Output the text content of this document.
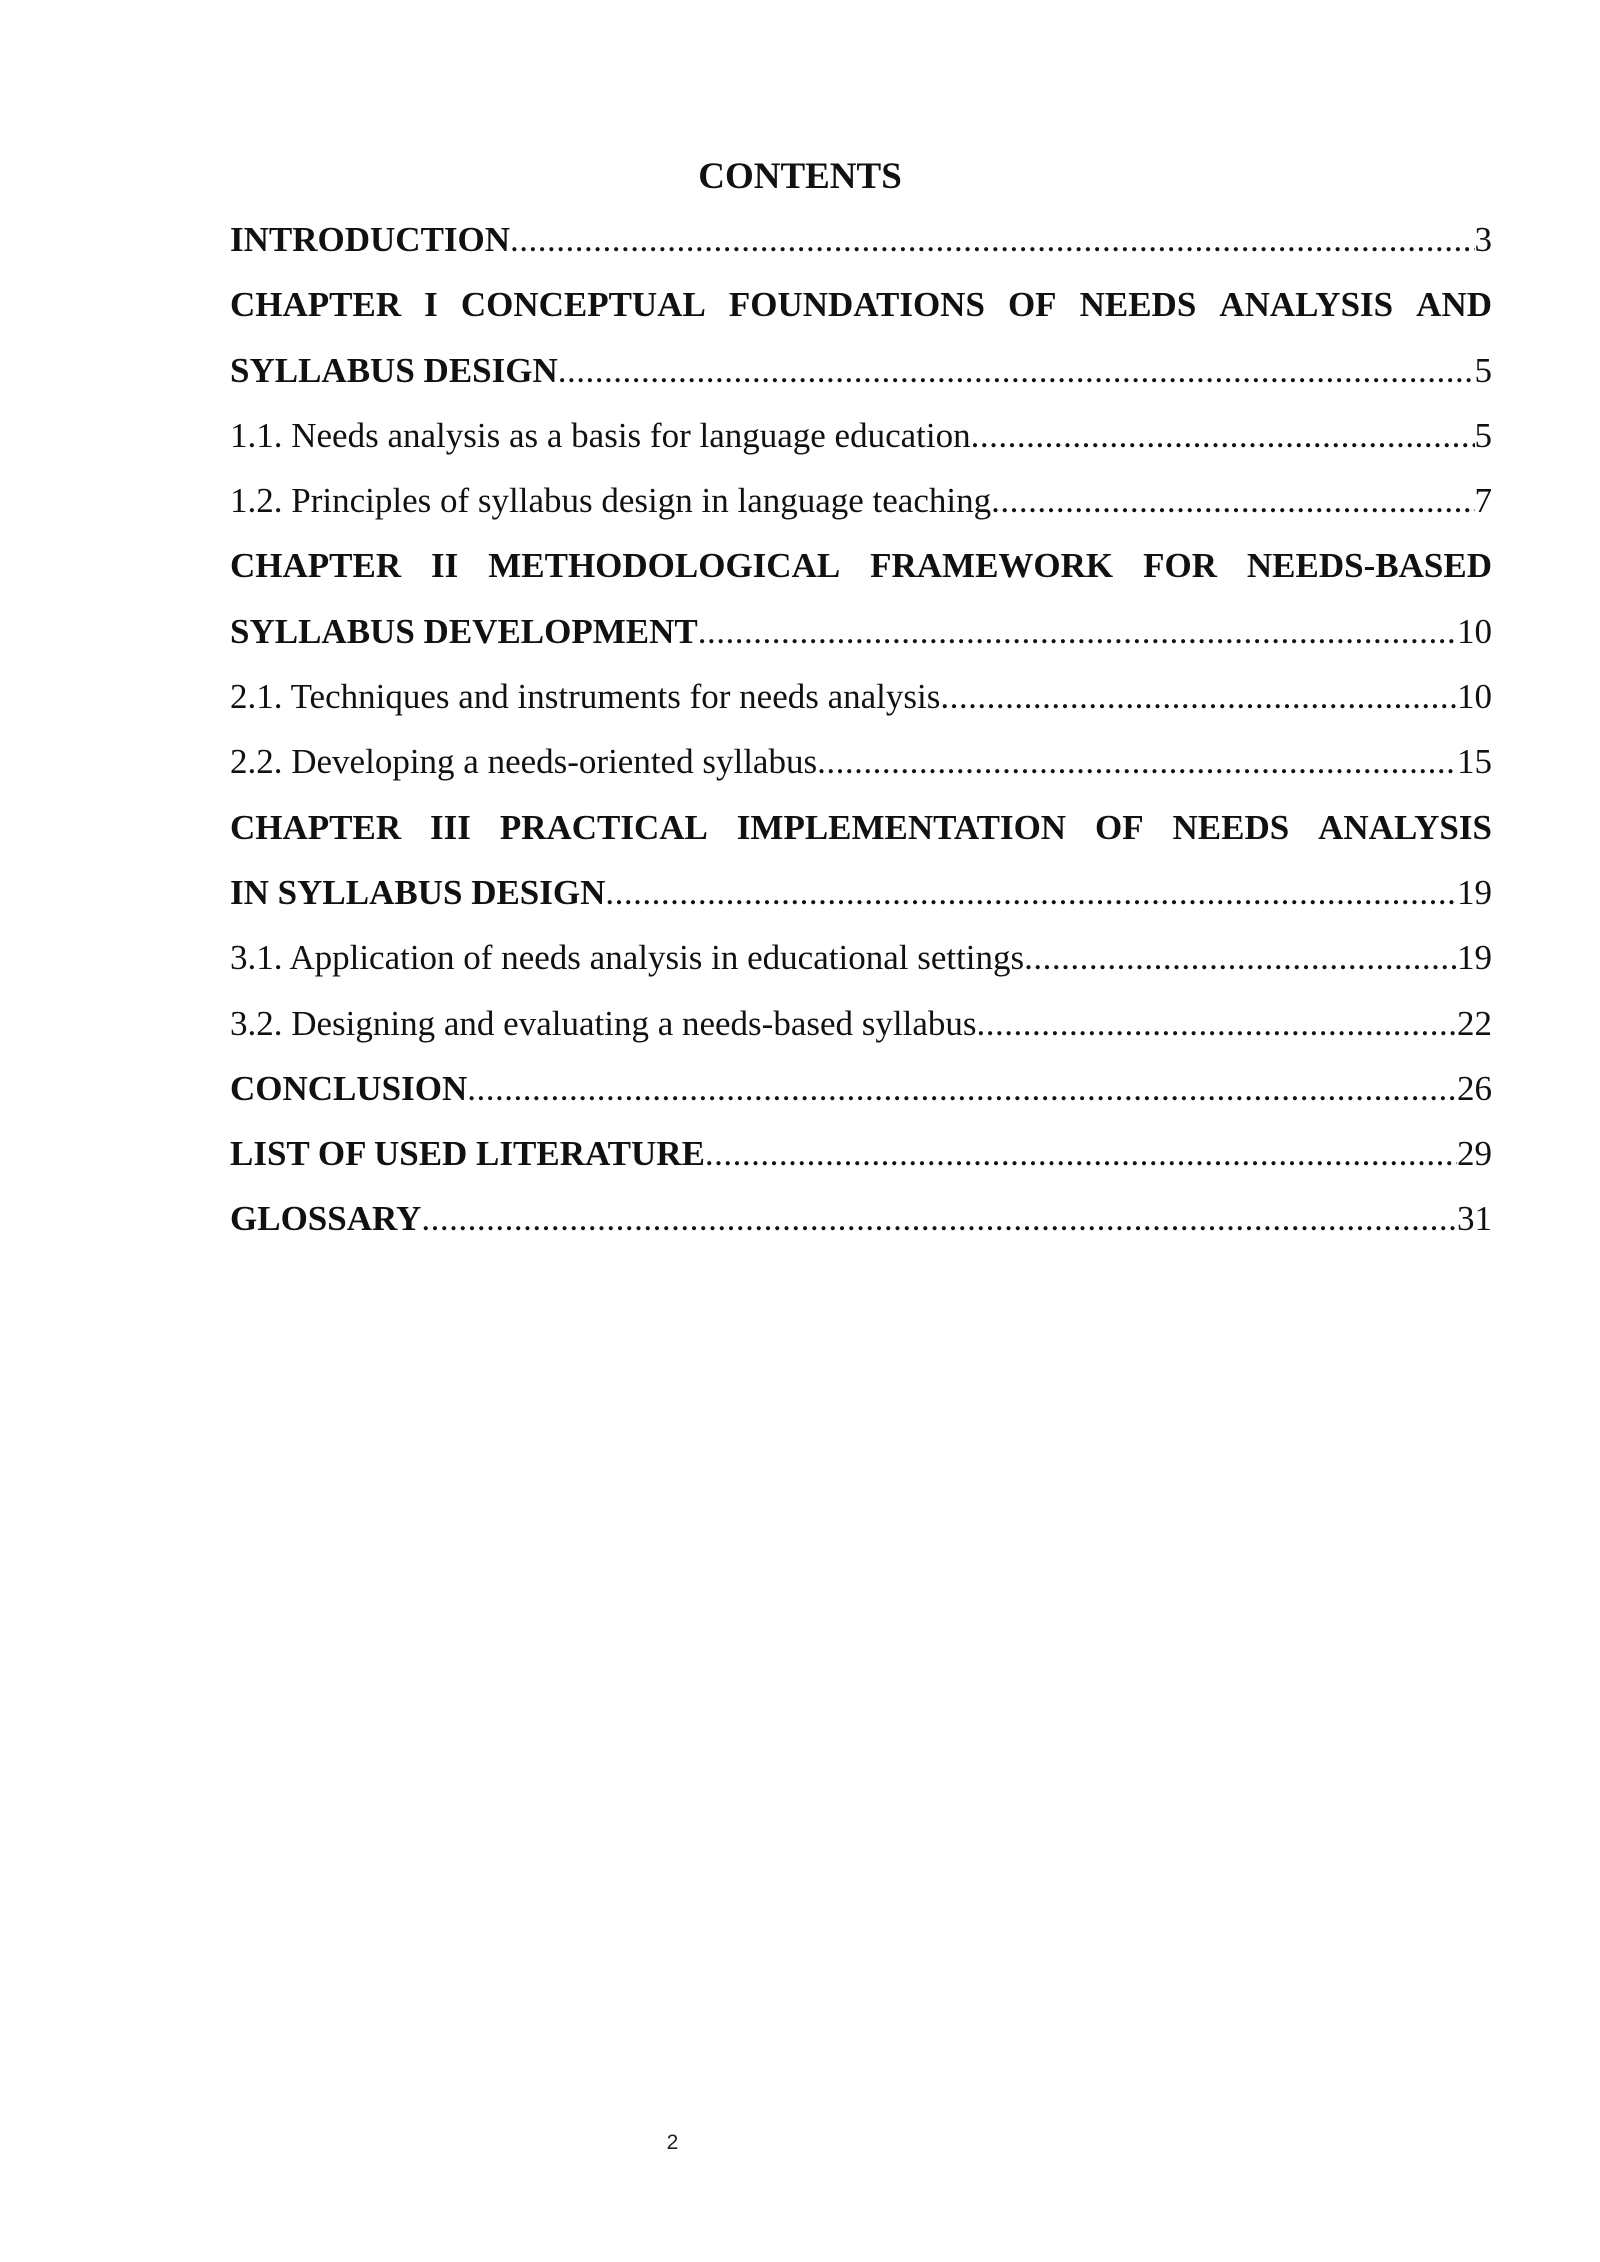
CONTENTS
INTRODUCTION .....	3
CHAPTER I CONCEPTUAL FOUNDATIONS OF NEEDS ANALYSIS AND
SYLLABUS DESIGN .....	5
1.1. Needs analysis as a basis for language education .....	5
1.2. Principles of syllabus design in language teaching .....	7
CHAPTER II METHODOLOGICAL FRAMEWORK FOR NEEDS-BASED
SYLLABUS DEVELOPMENT .....	10
2.1. Techniques and instruments for needs analysis .....	10
2.2. Developing a needs-oriented syllabus .....	15
CHAPTER III PRACTICAL IMPLEMENTATION OF NEEDS ANALYSIS
IN SYLLABUS DESIGN .....	19
3.1. Application of needs analysis in educational settings .....	19
3.2. Designing and evaluating a needs-based syllabus .....	22
CONCLUSION .....	26
LIST OF USED LITERATURE .....	29
GLOSSARY .....	31
2
